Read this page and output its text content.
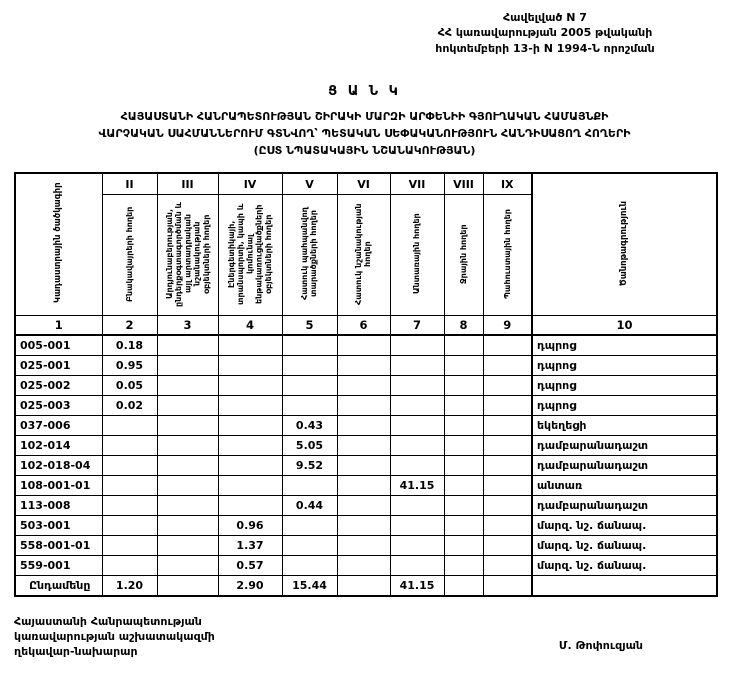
Հավելված N 7
ՀՀ կառավարության 2005 թվականի
հոկտեմբերի 13-ի N 1994-Ն որոշման
Ց Ա Ն Կ
ՀԱՅԱՍՏԱՆԻ ՀԱՆՐԱՊԵՏՈՒԹՅԱՆ ՇԻՐԱԿԻ ՄԱՐԶԻ ԱՐՓԵՆԻԻ ԳՅՈՒՂԱԿԱՆ ՀԱՄԱՅՆՔԻ
ՎԱՐՉԱԿԱՆ ՍԱՀՄԱՆՆԵՐՈՒՄ ԳՏՆՎՈՂ՝ ՊԵՏԱԿԱՆ ՍԵՓԱԿԱՆՈՒԹՅՈՒՆ ՀԱՆԴԻՍԱՑՈՂ ՀՈՂԵՐԻ
(ԸՍՏ ՆՊԱՏԱԿԱՅԻՆ ՆՇԱՆԱԿՈՒԹՅԱՆ)
Կադաստրային ծածկագիր	II	III	IV	V	VI	VII	VIII	IX	Ծանոթագրություն
	Բնակավայրերի հողեր	Արդյունաբերության, ընդերքօգտագործման և այլ արտադրական նշանակության օբյեկտների հողեր	Էներգետիկայի, տրանսպորտի, կապի և կոմունալ ենթակառուցվածքների օբյեկտների հողեր	Հատուկ պահպանվող տարածքների հողեր	Հատուկ նշանակության հողեր	Անտառային հողեր	Ջրային հողեր	Պահուստային հողեր	
1	2	3	4	5	6	7	8	9	10
005-001	0.18								դպրոց
025-001	0.95								դպրոց
025-002	0.05								դպրոց
025-003	0.02								դպրոց
037-006				0.43					եկեղեցի
102-014				5.05					դամբարանադաշտ
102-018-04				9.52					դամբարանադաշտ
108-001-01						41.15			անտառ
113-008				0.44					դամբարանադաշտ
503-001			0.96						մարզ. նշ. ճանապ.
558-001-01			1.37						մարզ. նշ. ճանապ.
559-001			0.57						մարզ. նշ. ճանապ.
Ընդամենը	1.20		2.90	15.44		41.15			
Հայաստանի Հանրապետության
կառավարության աշխատակազմի
ղեկավար-նախարար	Մ. Թոփուզյան
